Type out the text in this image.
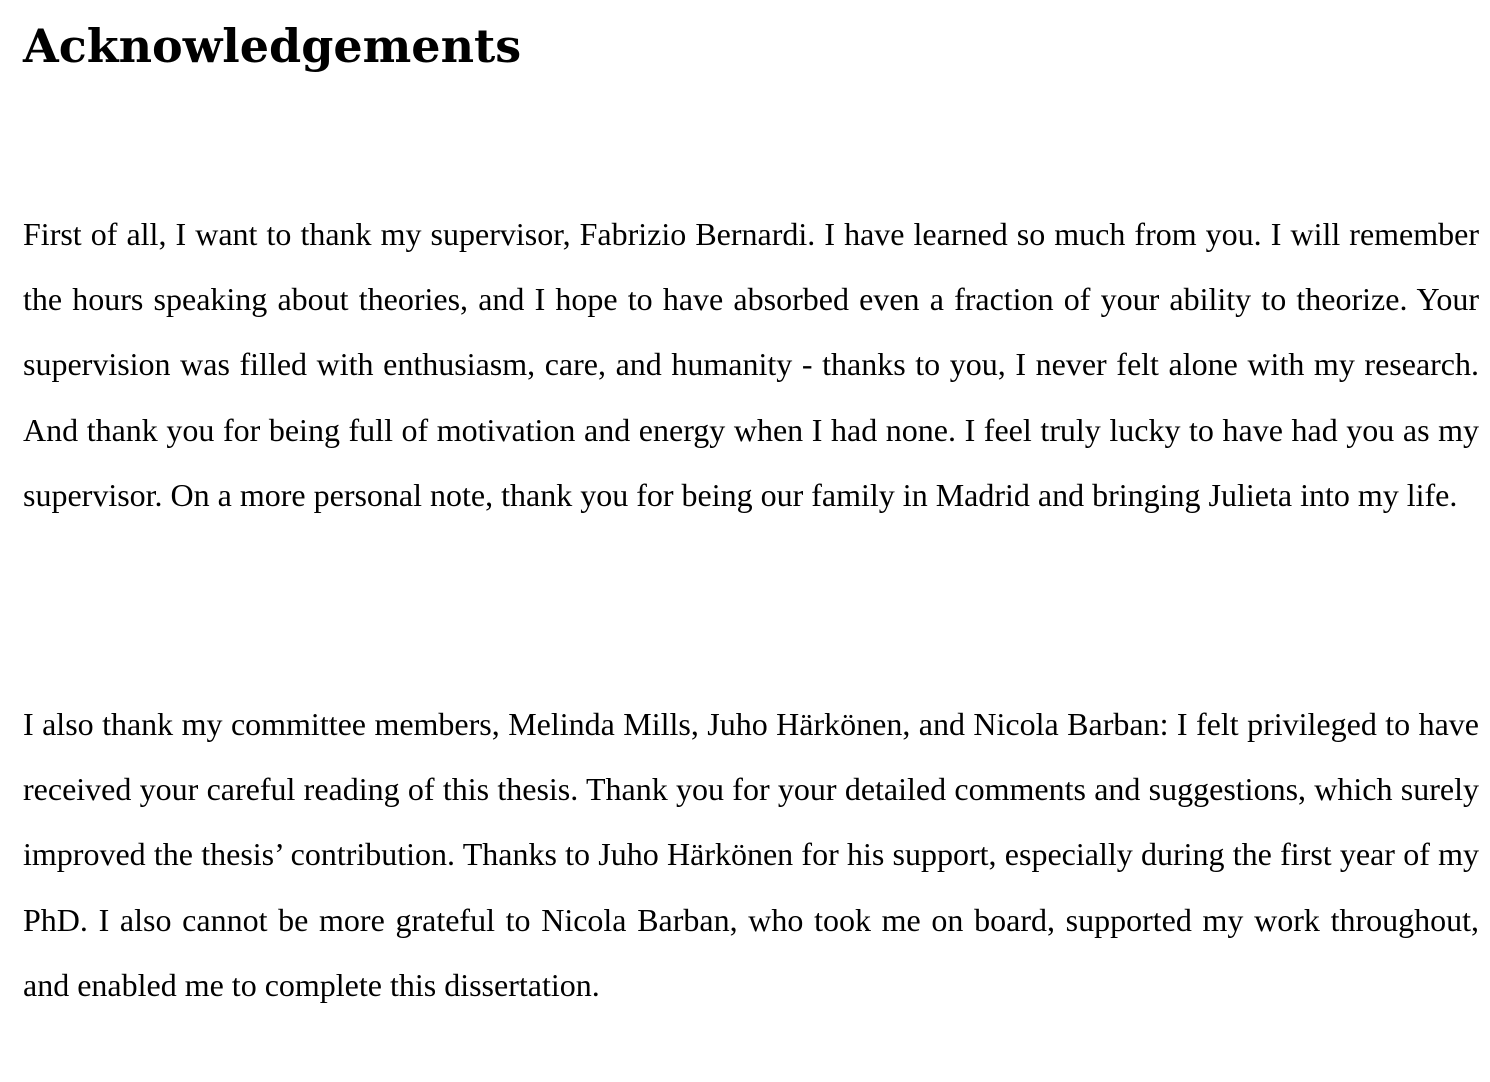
Acknowledgements

First of all, I want to thank my supervisor, Fabrizio Bernardi. I have learned so much from you. I will remember the hours speaking about theories, and I hope to have absorbed even a fraction of your ability to theorize. Your supervision was filled with enthusiasm, care, and humanity - thanks to you, I never felt alone with my research. And thank you for being full of motivation and energy when I had none. I feel truly lucky to have had you as my supervisor. On a more personal note, thank you for being our family in Madrid and bringing Julieta into my life.

I also thank my committee members, Melinda Mills, Juho Härkönen, and Nicola Barban: I felt privileged to have received your careful reading of this thesis. Thank you for your detailed comments and suggestions, which surely improved the thesis’ contribution. Thanks to Juho Härkönen for his support, especially during the first year of my PhD. I also cannot be more grateful to Nicola Barban, who took me on board, supported my work throughout, and enabled me to complete this dissertation.
